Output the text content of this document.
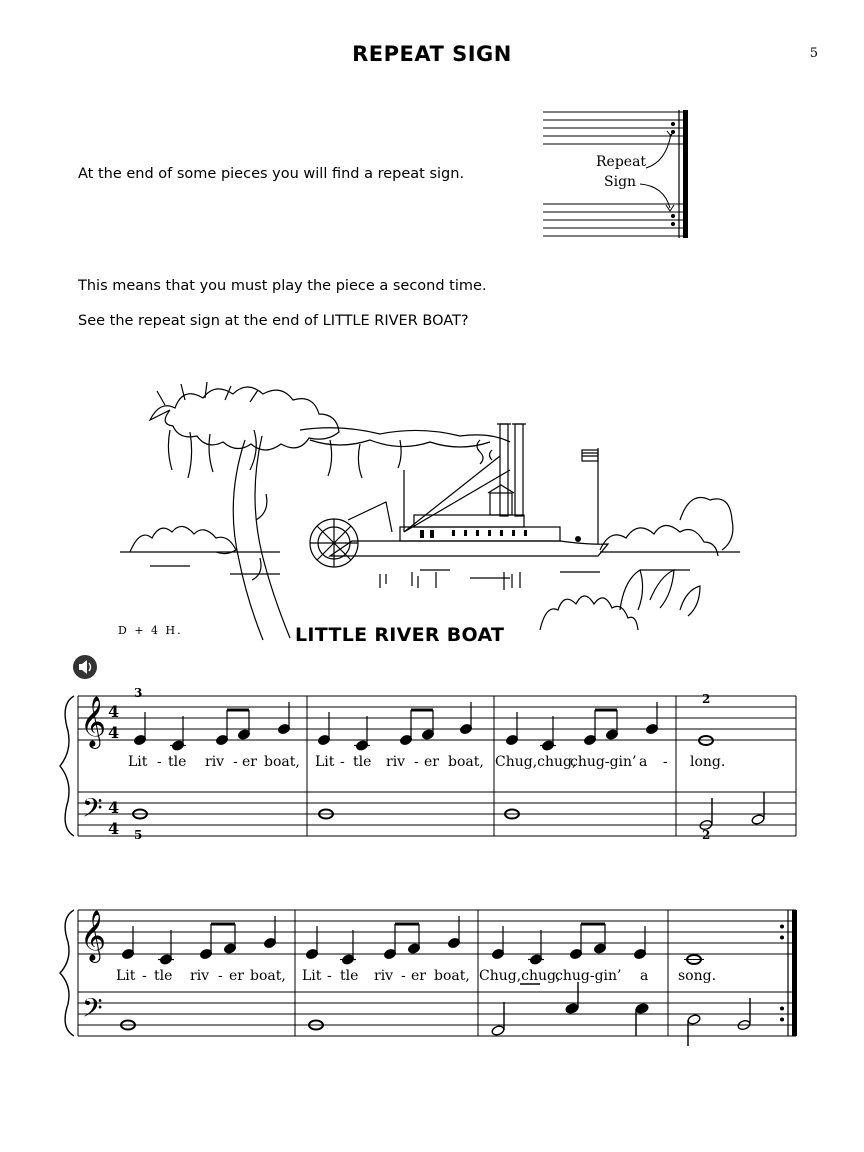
REPEAT SIGN	5
At the end of some pieces you will find a repeat sign.
This means that you must play the piece a second time.
See the repeat sign at the end of LITTLE RIVER BOAT?
Repeat
Sign
D + 4 H.	LITTLE RIVER BOAT
𝄞
𝄢
4
4
4
4
3
5
2
2
Lit - tle riv - er boat, Lit - tle riv - er boat, Chug,chug,
chug-gin’ a - long.
𝄞
𝄢
Lit - tle riv - er boat, Lit - tle riv - er boat, Chug,chug,
chug-gin’ a song.
